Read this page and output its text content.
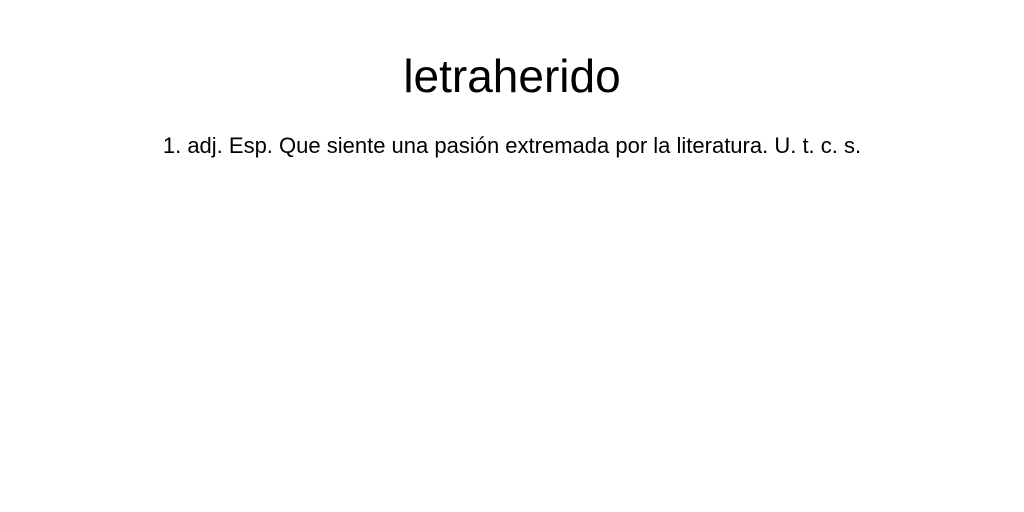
letraherido

1. adj. Esp. Que siente una pasión extremada por la literatura. U. t. c. s.
